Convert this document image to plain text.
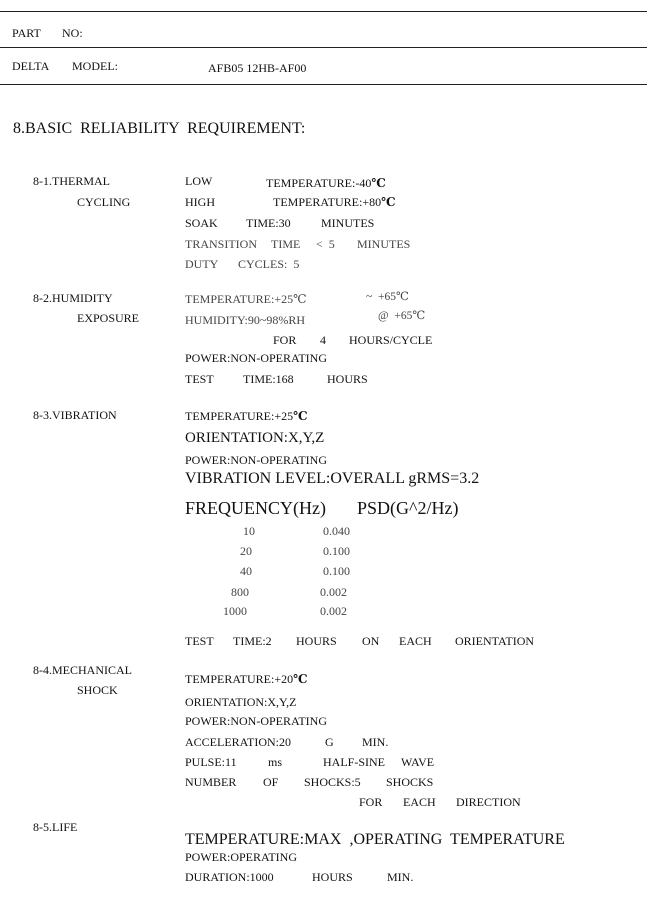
PART NO:
DELTA MODEL:	AFB05 12HB-AF00
8.BASIC  RELIABILITY  REQUIREMENT:
8-1.THERMAL
CYCLING
LOW	TEMPERATURE:-40℃
HIGH	TEMPERATURE:+80℃
SOAK TIME:30	MINUTES
TRANSITION TIME <  5 MINUTES
DUTY CYCLES:  5
8-2.HUMIDITY
EXPOSURE
TEMPERATURE:+25℃	~  +65℃
HUMIDITY:90~98%RH	@  +65℃
FOR 4 HOURS/CYCLE
POWER:NON-OPERATING
TEST TIME:168	HOURS
8-3.VIBRATION	TEMPERATURE:+25℃
ORIENTATION:X,Y,Z
POWER:NON-OPERATING
VIBRATION LEVEL:OVERALL gRMS=3.2
FREQUENCY(Hz) PSD(G^2/Hz)
10	0.040
20	0.100
40	0.100
800	0.002
1000	0.002
TEST TIME:2 HOURS ON EACH ORIENTATION
8-4.MECHANICAL
SHOCK
TEMPERATURE:+20℃
ORIENTATION:X,Y,Z
POWER:NON-OPERATING
ACCELERATION:20	G MIN.
PULSE:11	ms	HALF-SINE WAVE
NUMBER OF SHOCKS:5 SHOCKS
FOR EACH DIRECTION
8-5.LIFE
TEMPERATURE:MAX  ,OPERATING  TEMPERATURE
POWER:OPERATING
DURATION:1000	HOURS	MIN.
